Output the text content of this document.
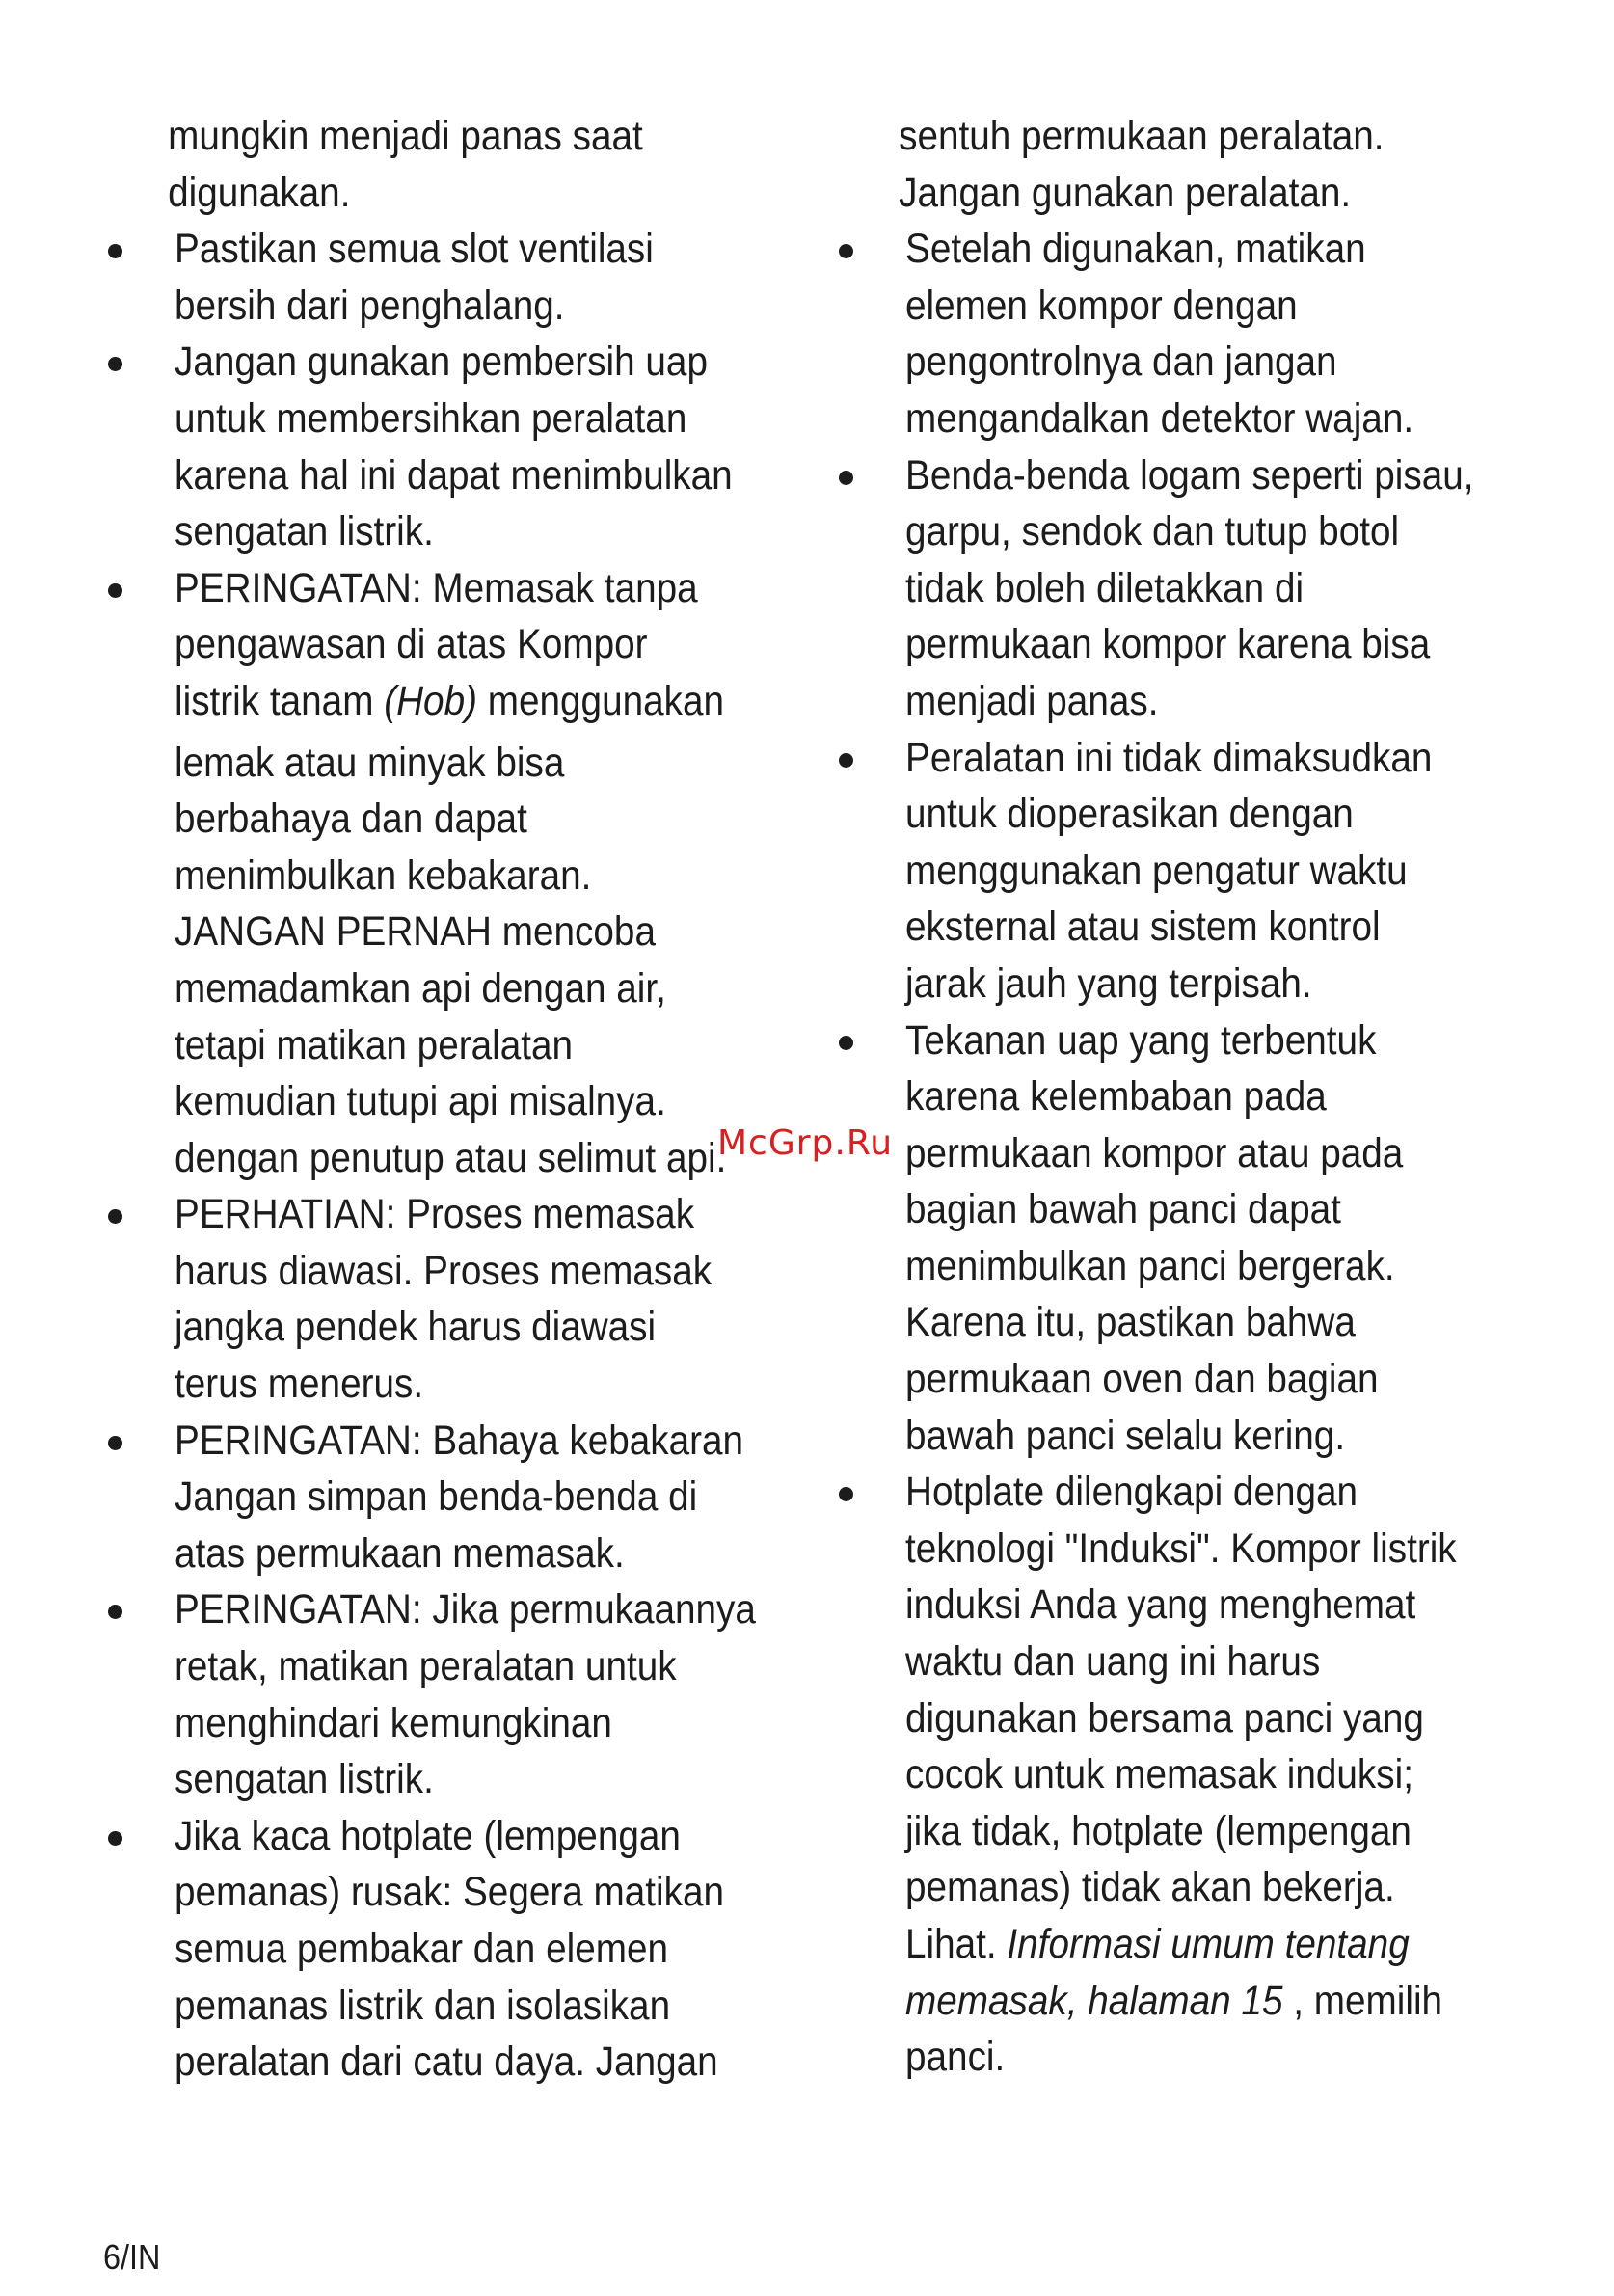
mungkin menjadi panas saat
digunakan.
Pastikan semua slot ventilasi
bersih dari penghalang.
Jangan gunakan pembersih uap
untuk membersihkan peralatan
karena hal ini dapat menimbulkan
sengatan listrik.
PERINGATAN: Memasak tanpa
pengawasan di atas Kompor
listrik tanam (Hob) menggunakan
lemak atau minyak bisa
berbahaya dan dapat
menimbulkan kebakaran.
JANGAN PERNAH mencoba
memadamkan api dengan air,
tetapi matikan peralatan
kemudian tutupi api misalnya.
dengan penutup atau selimut api.
PERHATIAN: Proses memasak
harus diawasi. Proses memasak
jangka pendek harus diawasi
terus menerus.
PERINGATAN: Bahaya kebakaran
Jangan simpan benda-benda di
atas permukaan memasak.
PERINGATAN: Jika permukaannya
retak, matikan peralatan untuk
menghindari kemungkinan
sengatan listrik.
Jika kaca hotplate (lempengan
pemanas) rusak: Segera matikan
semua pembakar dan elemen
pemanas listrik dan isolasikan
peralatan dari catu daya. Jangan
sentuh permukaan peralatan.
Jangan gunakan peralatan.
Setelah digunakan, matikan
elemen kompor dengan
pengontrolnya dan jangan
mengandalkan detektor wajan.
Benda-benda logam seperti pisau,
garpu, sendok dan tutup botol
tidak boleh diletakkan di
permukaan kompor karena bisa
menjadi panas.
Peralatan ini tidak dimaksudkan
untuk dioperasikan dengan
menggunakan pengatur waktu
eksternal atau sistem kontrol
jarak jauh yang terpisah.
Tekanan uap yang terbentuk
karena kelembaban pada
permukaan kompor atau pada
bagian bawah panci dapat
menimbulkan panci bergerak.
Karena itu, pastikan bahwa
permukaan oven dan bagian
bawah panci selalu kering.
Hotplate dilengkapi dengan
teknologi "Induksi". Kompor listrik
induksi Anda yang menghemat
waktu dan uang ini harus
digunakan bersama panci yang
cocok untuk memasak induksi;
jika tidak, hotplate (lempengan
pemanas) tidak akan bekerja.
Lihat. Informasi umum tentang
memasak, halaman 15 , memilih
panci.
McGrp.Ru
6/IN
